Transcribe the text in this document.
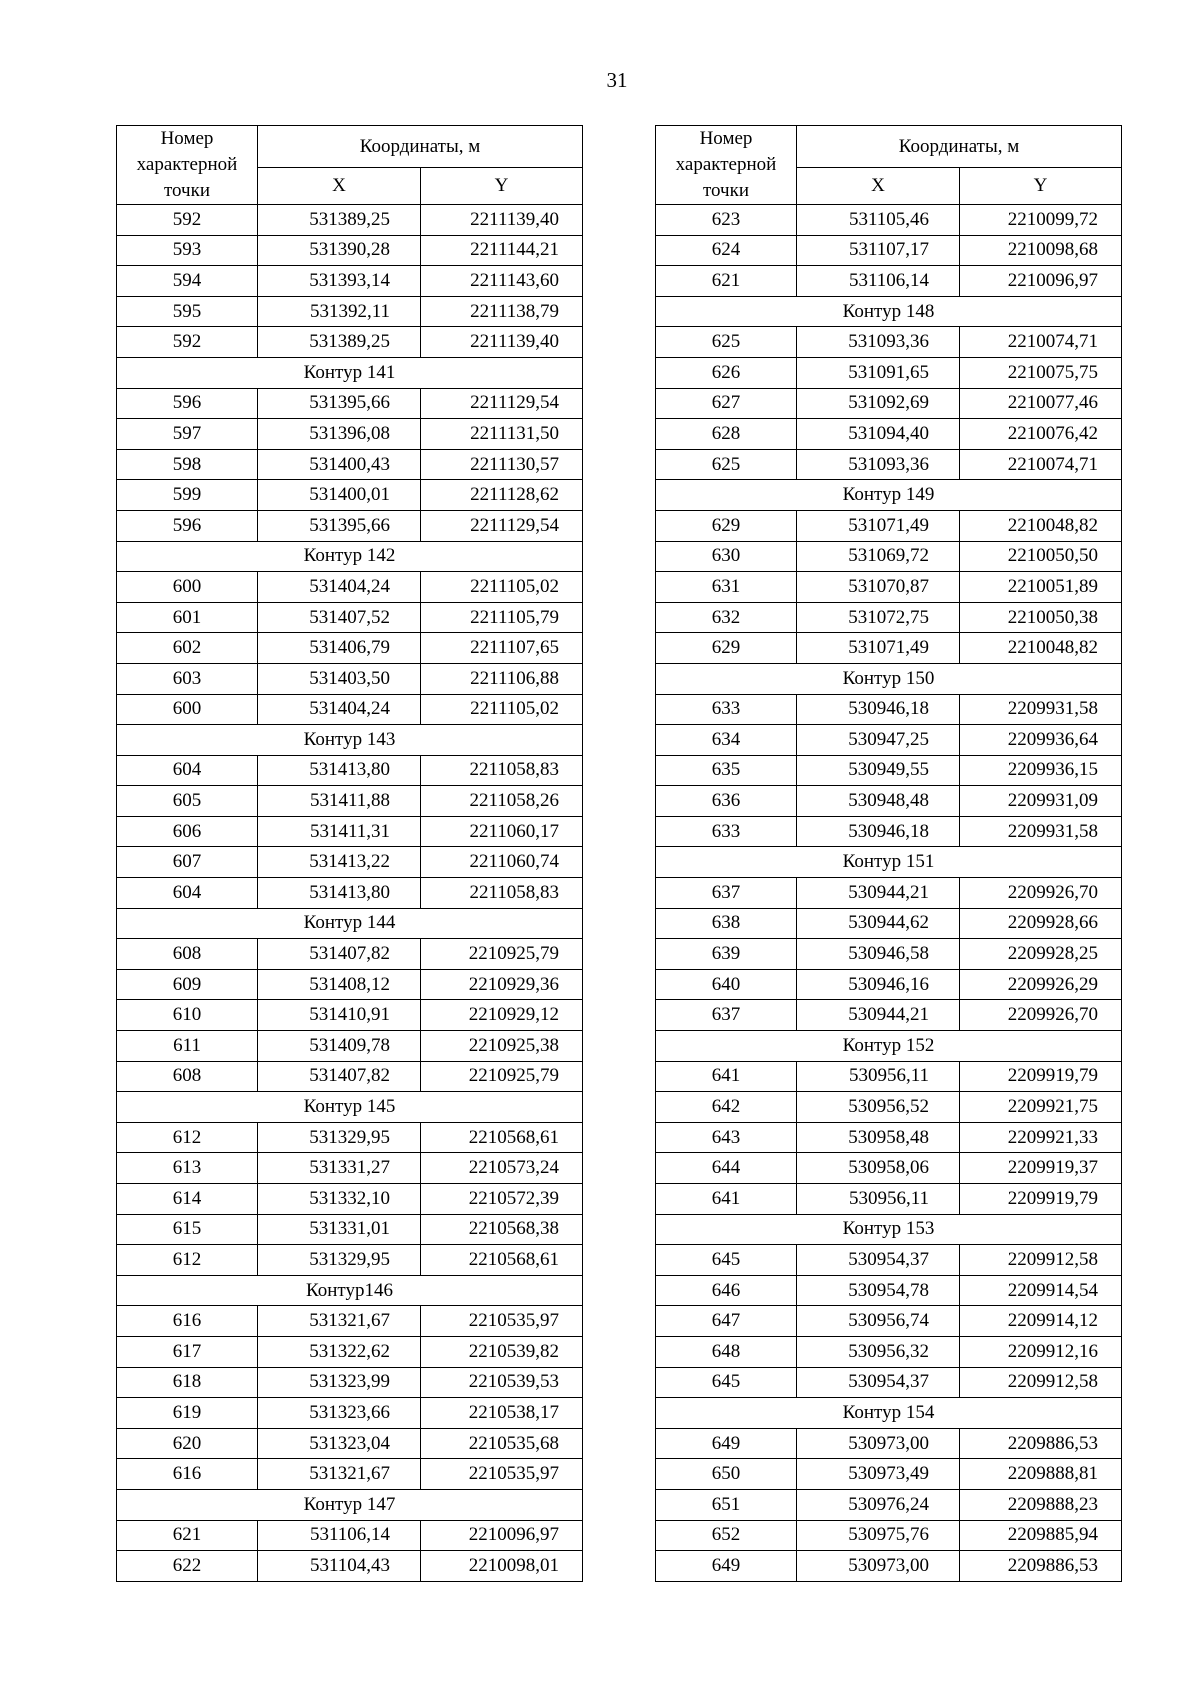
31
Номер характерной точки	Координаты, м	
	X	Y
592	531389,25	2211139,40
593	531390,28	2211144,21
594	531393,14	2211143,60
595	531392,11	2211138,79
592	531389,25	2211139,40
Контур 141		
596	531395,66	2211129,54
597	531396,08	2211131,50
598	531400,43	2211130,57
599	531400,01	2211128,62
596	531395,66	2211129,54
Контур 142		
600	531404,24	2211105,02
601	531407,52	2211105,79
602	531406,79	2211107,65
603	531403,50	2211106,88
600	531404,24	2211105,02
Контур 143		
604	531413,80	2211058,83
605	531411,88	2211058,26
606	531411,31	2211060,17
607	531413,22	2211060,74
604	531413,80	2211058,83
Контур 144		
608	531407,82	2210925,79
609	531408,12	2210929,36
610	531410,91	2210929,12
611	531409,78	2210925,38
608	531407,82	2210925,79
Контур 145		
612	531329,95	2210568,61
613	531331,27	2210573,24
614	531332,10	2210572,39
615	531331,01	2210568,38
612	531329,95	2210568,61
Контур146		
616	531321,67	2210535,97
617	531322,62	2210539,82
618	531323,99	2210539,53
619	531323,66	2210538,17
620	531323,04	2210535,68
616	531321,67	2210535,97
Контур 147		
621	531106,14	2210096,97
622	531104,43	2210098,01
Номер характерной точки	Координаты, м	
	X	Y
623	531105,46	2210099,72
624	531107,17	2210098,68
621	531106,14	2210096,97
Контур 148		
625	531093,36	2210074,71
626	531091,65	2210075,75
627	531092,69	2210077,46
628	531094,40	2210076,42
625	531093,36	2210074,71
Контур 149		
629	531071,49	2210048,82
630	531069,72	2210050,50
631	531070,87	2210051,89
632	531072,75	2210050,38
629	531071,49	2210048,82
Контур 150		
633	530946,18	2209931,58
634	530947,25	2209936,64
635	530949,55	2209936,15
636	530948,48	2209931,09
633	530946,18	2209931,58
Контур 151		
637	530944,21	2209926,70
638	530944,62	2209928,66
639	530946,58	2209928,25
640	530946,16	2209926,29
637	530944,21	2209926,70
Контур 152		
641	530956,11	2209919,79
642	530956,52	2209921,75
643	530958,48	2209921,33
644	530958,06	2209919,37
641	530956,11	2209919,79
Контур 153		
645	530954,37	2209912,58
646	530954,78	2209914,54
647	530956,74	2209914,12
648	530956,32	2209912,16
645	530954,37	2209912,58
Контур 154		
649	530973,00	2209886,53
650	530973,49	2209888,81
651	530976,24	2209888,23
652	530975,76	2209885,94
649	530973,00	2209886,53
